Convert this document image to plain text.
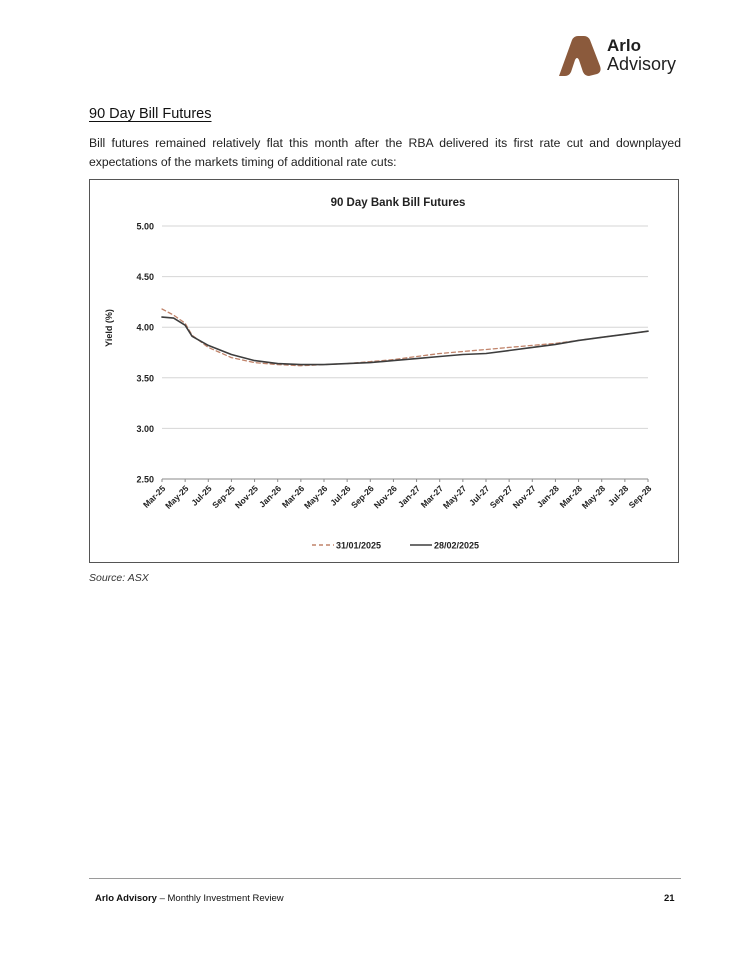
Arlo
Advisory
90 Day Bill Futures

Bill futures remained relatively flat this month after the RBA delivered its first rate cut and downplayed expectations of the markets timing of additional rate cuts:

90 Day Bank Bill Futures
Yield (%)
5.00
4.50
4.00
3.50
3.00
2.50
Mar-25
May-25
Jul-25
Sep-25
Nov-25
Jan-26
Mar-26
May-26
Jul-26
Sep-26
Nov-26
Jan-27
Mar-27
May-27
Jul-27
Sep-27
Nov-27
Jan-28
Mar-28
May-28
Jul-28
Sep-28
31/01/2025	28/02/2025
Source: ASX
Arlo Advisory – Monthly Investment Review	21
